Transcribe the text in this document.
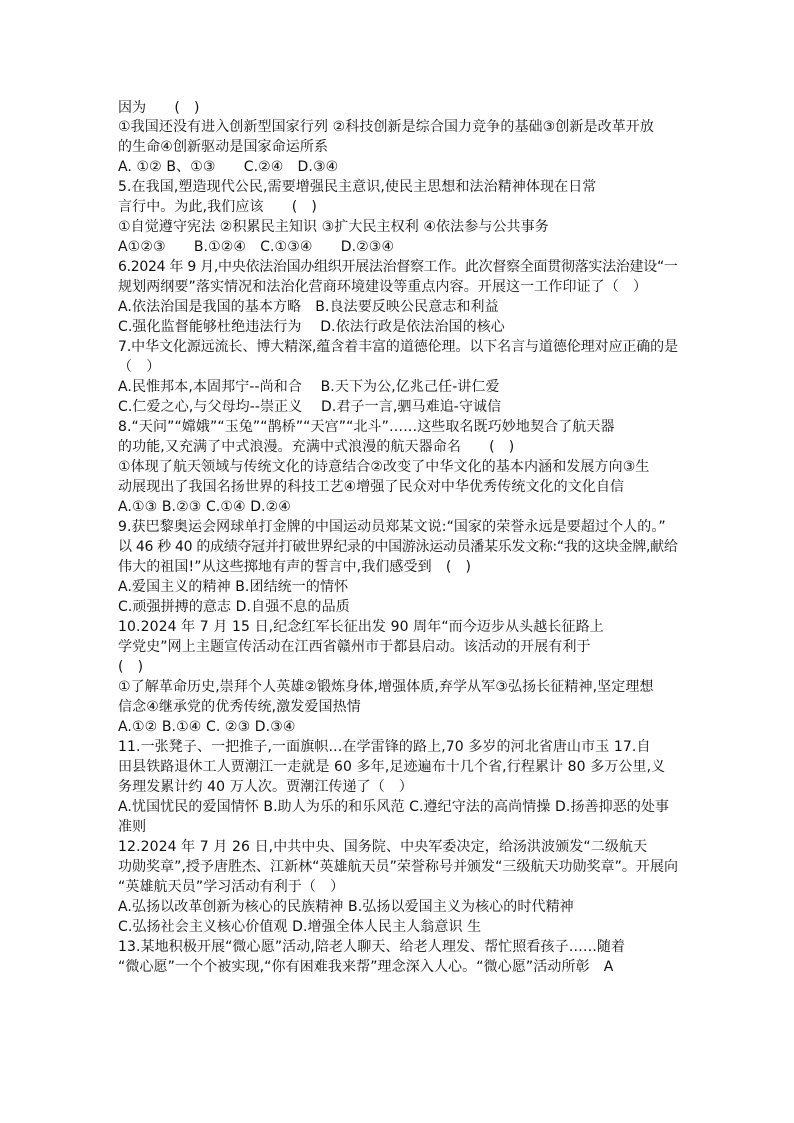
因为　　(　)
①我国还没有进入创新型国家行列 ②科技创新是综合国力竞争的基础③创新是改革开放
的生命④创新驱动是国家命运所系
A. ①② B、①③　　C.②④　D.③④
5.在我国,塑造现代公民,需要增强民主意识,使民主思想和法治精神体现在日常
言行中。为此,我们应该　　(　)
①自觉遵守宪法 ②积累民主知识 ③扩大民主权利 ④依法参与公共事务
A①②③　　B.①②④　C.①③④　　D.②③④
6.2024 年 9 月,中央依法治国办组织开展法治督察工作。此次督察全面贯彻落实法治建设“一
规划两纲要”落实情况和法治化营商环境建设等重点内容。开展这一工作印证了（　）
A.依法治国是我国的基本方略　B.良法要反映公民意志和利益
C.强化监督能够杜绝违法行为　 D.依法行政是依法治国的核心
7.中华文化源远流长、博大精深,蕴含着丰富的道德伦理。以下名言与道德伦理对应正确的是
（　）
A.民惟邦本,本固邦宁--尚和合　 B.天下为公,亿兆己任-讲仁爱
C.仁爱之心,与父母均--崇正义　 D.君子一言,驷马难追-守诚信
8.“天问”“嫦娥”“玉兔”“鹊桥”“天宫”“北斗”……这些取名既巧妙地契合了航天器
的功能,又充满了中式浪漫。充满中式浪漫的航天器命名　　(　)
①体现了航天领域与传统文化的诗意结合②改变了中华文化的基本内涵和发展方向③生
动展现出了我国名扬世界的科技工艺④增强了民众对中华优秀传统文化的文化自信
A.①③ B.②③ C.①④ D.②④
9.获巴黎奥运会网球单打金牌的中国运动员郑某文说:“国家的荣誉永远是要超过个人的。”
以 46 秒 40 的成绩夺冠并打破世界纪录的中国游泳运动员潘某乐发文称:“我的这块金牌,献给
伟大的祖国!”从这些掷地有声的誓言中,我们感受到　(　)
A.爱国主义的精神 B.团结统一的情怀
C.顽强拼搏的意志 D.自强不息的品质
10.2024 年 7 月 15 日,纪念红军长征出发 90 周年“而今迈步从头越长征路上
学党史”网上主题宣传活动在江西省赣州市于都县启动。该活动的开展有利于
(　)
①了解革命历史,崇拜个人英雄②锻炼身体,增强体质,弃学从军③弘扬长征精神,坚定理想
信念④继承党的优秀传统,激发爱国热情
A.①② B.①④ C. ②③ D.③④
11.一张凳子、一把推子,一面旗帜…在学雷锋的路上,70 多岁的河北省唐山市玉 17.自
田县铁路退休工人贾潮江一走就是 60 多年,足迹遍布十几个省,行程累计 80 多万公里,义
务理发累计约 40 万人次。贾潮江传递了（　）
A.忧国忧民的爱国情怀 B.助人为乐的和乐风范 C.遵纪守法的高尚情操 D.扬善抑恶的处事
准则
12.2024 年 7 月 26 日,中共中央、国务院、中央军委决定，给汤洪波颁发“二级航天
功勋奖章”,授予唐胜杰、江新林“英雄航天员”荣誉称号并颁发“三级航天功勋奖章”。开展向
“英雄航天员”学习活动有利于（　）
A.弘扬以改革创新为核心的民族精神 B.弘扬以爱国主义为核心的时代精神
C.弘扬社会主义核心价值观 D.增强全体人民主人翁意识 生
13.某地积极开展“微心愿”活动,陪老人聊天、给老人理发、帮忙照看孩子……随着
“微心愿”一个个被实现,“你有困难我来帮”理念深入人心。“微心愿”活动所彰　A
